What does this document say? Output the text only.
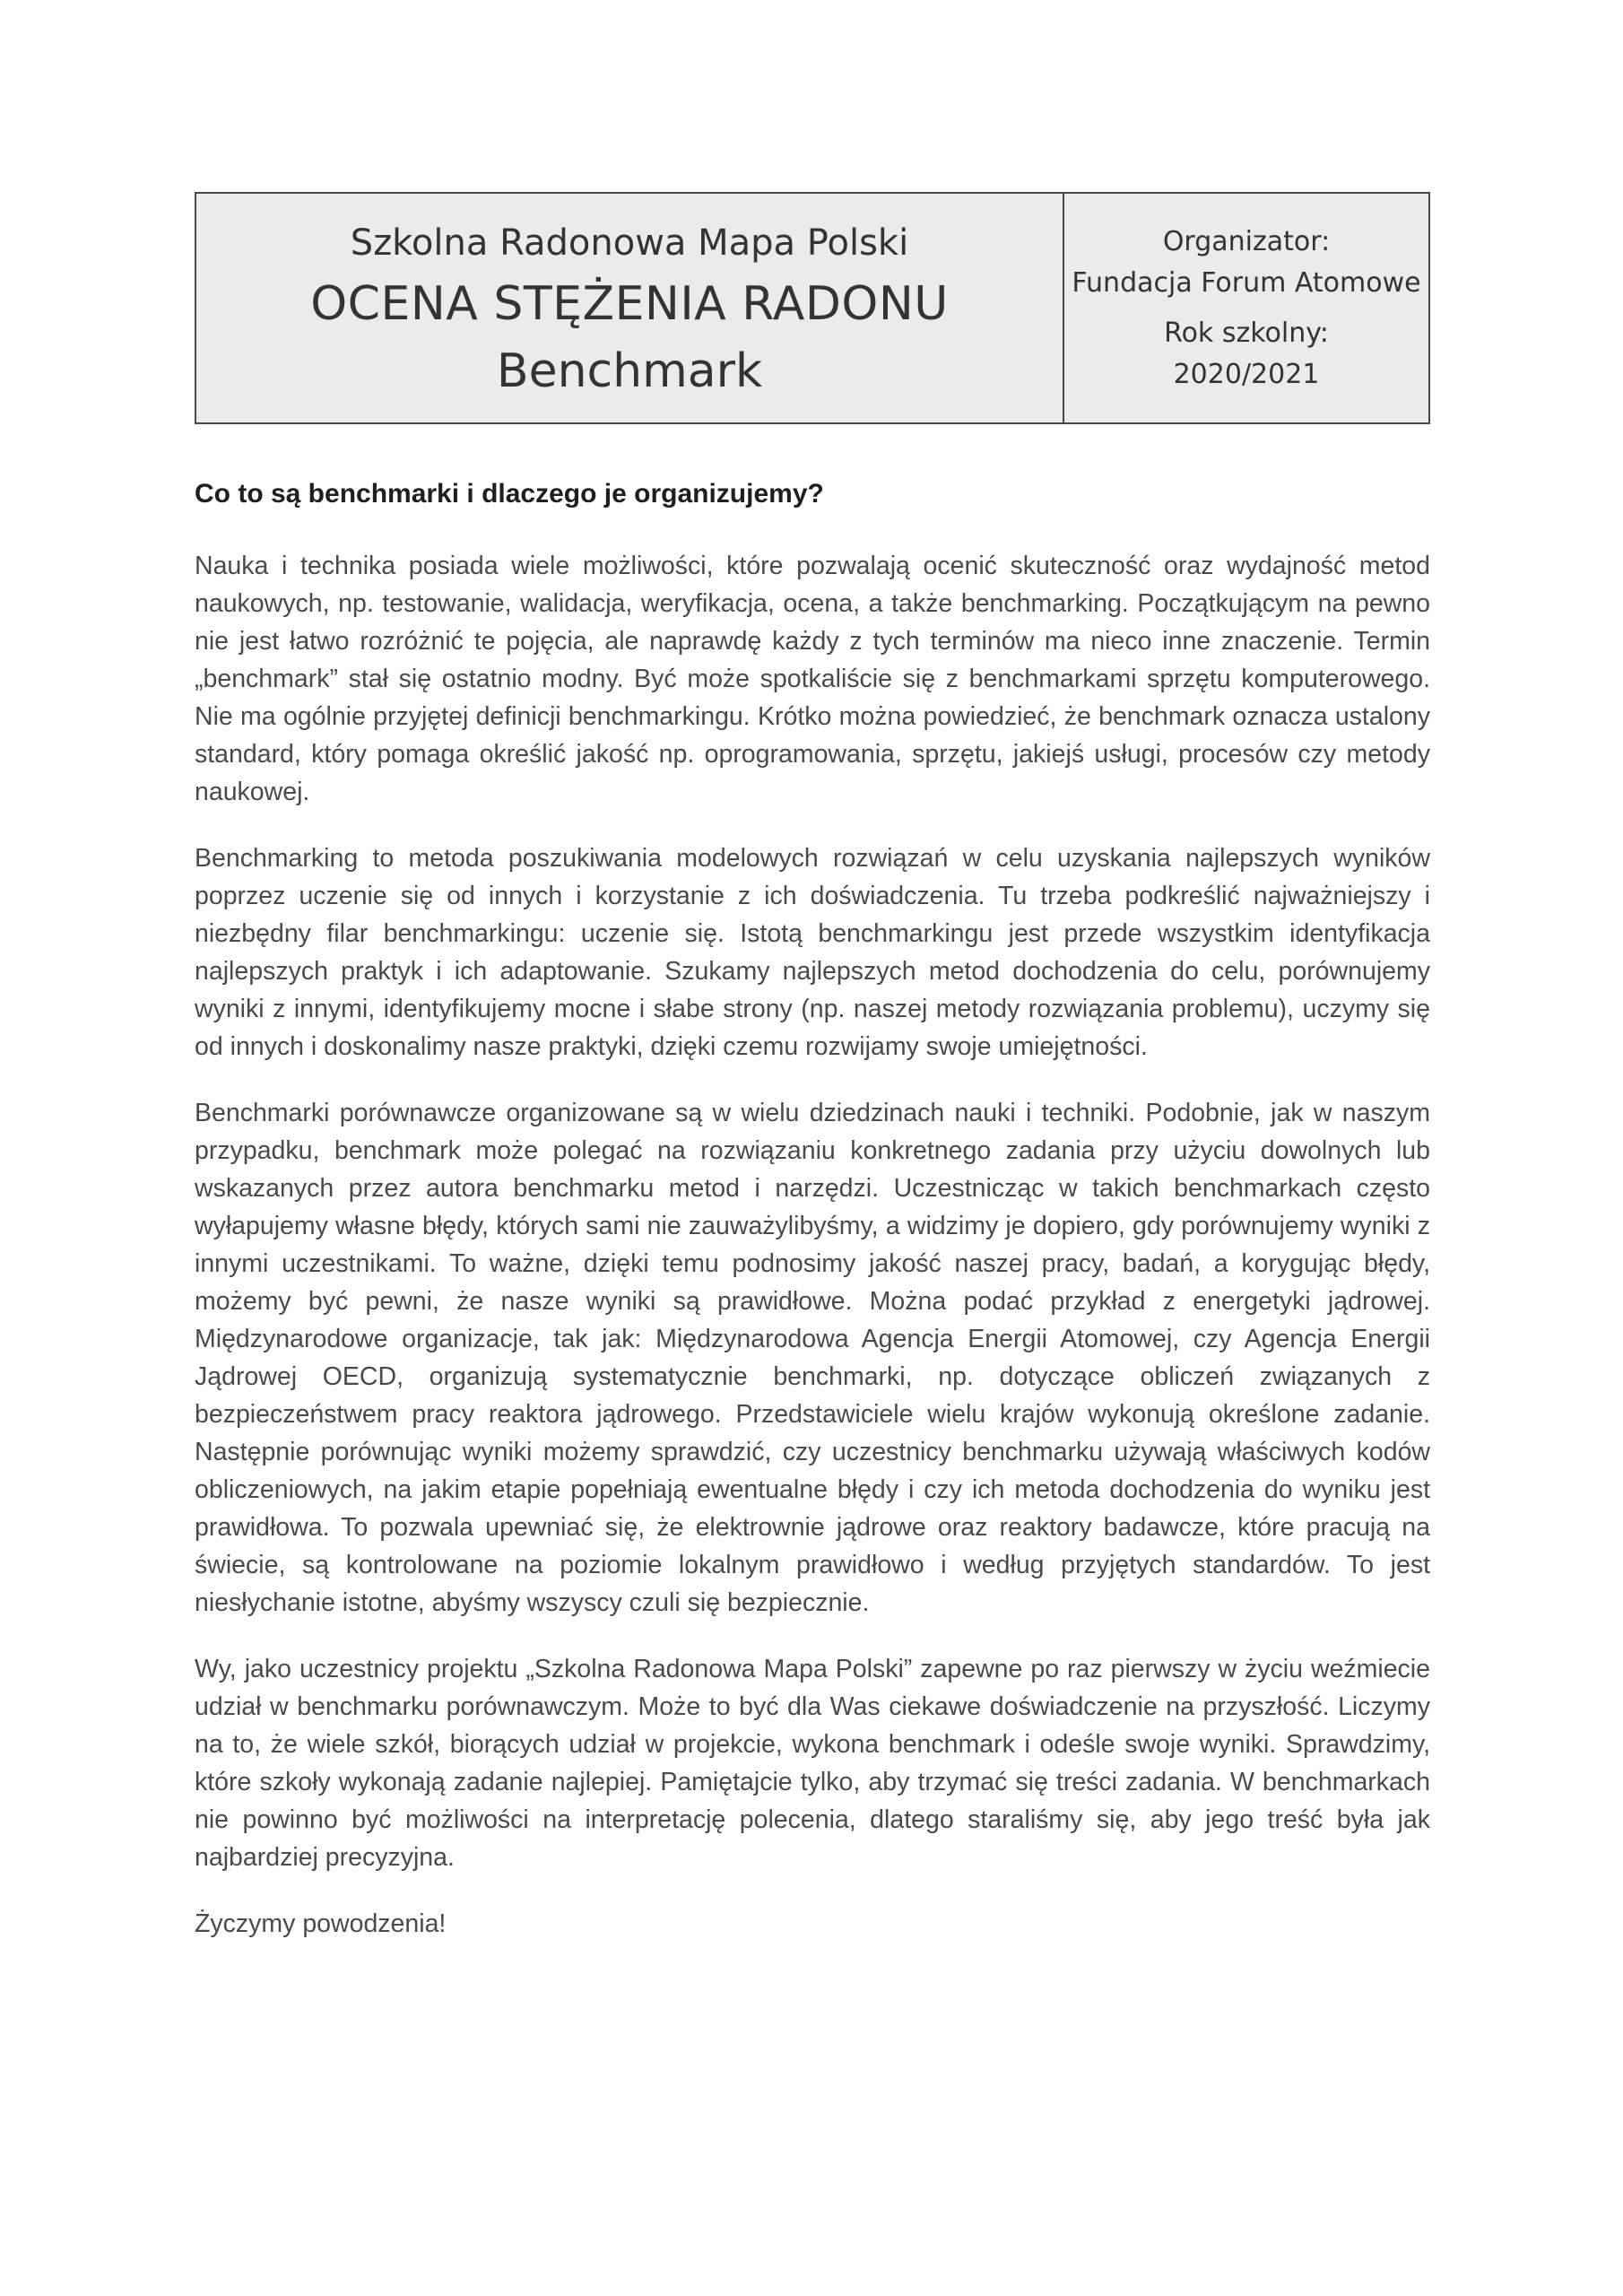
Szkolna Radonowa Mapa Polski
OCENA STĘŻENIA RADONU
Benchmark
Organizator:
Fundacja Forum Atomowe
Rok szkolny:
2020/2021

Co to są benchmarki i dlaczego je organizujemy?

Nauka i technika posiada wiele możliwości, które pozwalają ocenić skuteczność oraz wydajność metod naukowych, np. testowanie, walidacja, weryfikacja, ocena, a także benchmarking. Początkującym na pewno nie jest łatwo rozróżnić te pojęcia, ale naprawdę każdy z tych terminów ma nieco inne znaczenie. Termin „benchmark” stał się ostatnio modny. Być może spotkaliście się z benchmarkami sprzętu komputerowego. Nie ma ogólnie przyjętej definicji benchmarkingu. Krótko można powiedzieć, że benchmark oznacza ustalony standard, który pomaga określić jakość np. oprogramowania, sprzętu, jakiejś usługi, procesów czy metody naukowej.

Benchmarking to metoda poszukiwania modelowych rozwiązań w celu uzyskania najlepszych wyników poprzez uczenie się od innych i korzystanie z ich doświadczenia. Tu trzeba podkreślić najważniejszy i niezbędny filar benchmarkingu: uczenie się. Istotą benchmarkingu jest przede wszystkim identyfikacja najlepszych praktyk i ich adaptowanie. Szukamy najlepszych metod dochodzenia do celu, porównujemy wyniki z innymi, identyfikujemy mocne i słabe strony (np. naszej metody rozwiązania problemu), uczymy się od innych i doskonalimy nasze praktyki, dzięki czemu rozwijamy swoje umiejętności.

Benchmarki porównawcze organizowane są w wielu dziedzinach nauki i techniki. Podobnie, jak w naszym przypadku, benchmark może polegać na rozwiązaniu konkretnego zadania przy użyciu dowolnych lub wskazanych przez autora benchmarku metod i narzędzi. Uczestnicząc w takich benchmarkach często wyłapujemy własne błędy, których sami nie zauważylibyśmy, a widzimy je dopiero, gdy porównujemy wyniki z innymi uczestnikami. To ważne, dzięki temu podnosimy jakość naszej pracy, badań, a korygując błędy, możemy być pewni, że nasze wyniki są prawidłowe. Można podać przykład z energetyki jądrowej. Międzynarodowe organizacje, tak jak: Międzynarodowa Agencja Energii Atomowej, czy Agencja Energii Jądrowej OECD, organizują systematycznie benchmarki, np. dotyczące obliczeń związanych z bezpieczeństwem pracy reaktora jądrowego. Przedstawiciele wielu krajów wykonują określone zadanie. Następnie porównując wyniki możemy sprawdzić, czy uczestnicy benchmarku używają właściwych kodów obliczeniowych, na jakim etapie popełniają ewentualne błędy i czy ich metoda dochodzenia do wyniku jest prawidłowa. To pozwala upewniać się, że elektrownie jądrowe oraz reaktory badawcze, które pracują na świecie, są kontrolowane na poziomie lokalnym prawidłowo i według przyjętych standardów. To jest niesłychanie istotne, abyśmy wszyscy czuli się bezpiecznie.

Wy, jako uczestnicy projektu „Szkolna Radonowa Mapa Polski” zapewne po raz pierwszy w życiu weźmiecie udział w benchmarku porównawczym. Może to być dla Was ciekawe doświadczenie na przyszłość. Liczymy na to, że wiele szkół, biorących udział w projekcie, wykona benchmark i odeśle swoje wyniki. Sprawdzimy, które szkoły wykonają zadanie najlepiej. Pamiętajcie tylko, aby trzymać się treści zadania. W benchmarkach nie powinno być możliwości na interpretację polecenia, dlatego staraliśmy się, aby jego treść była jak najbardziej precyzyjna.

Życzymy powodzenia!
